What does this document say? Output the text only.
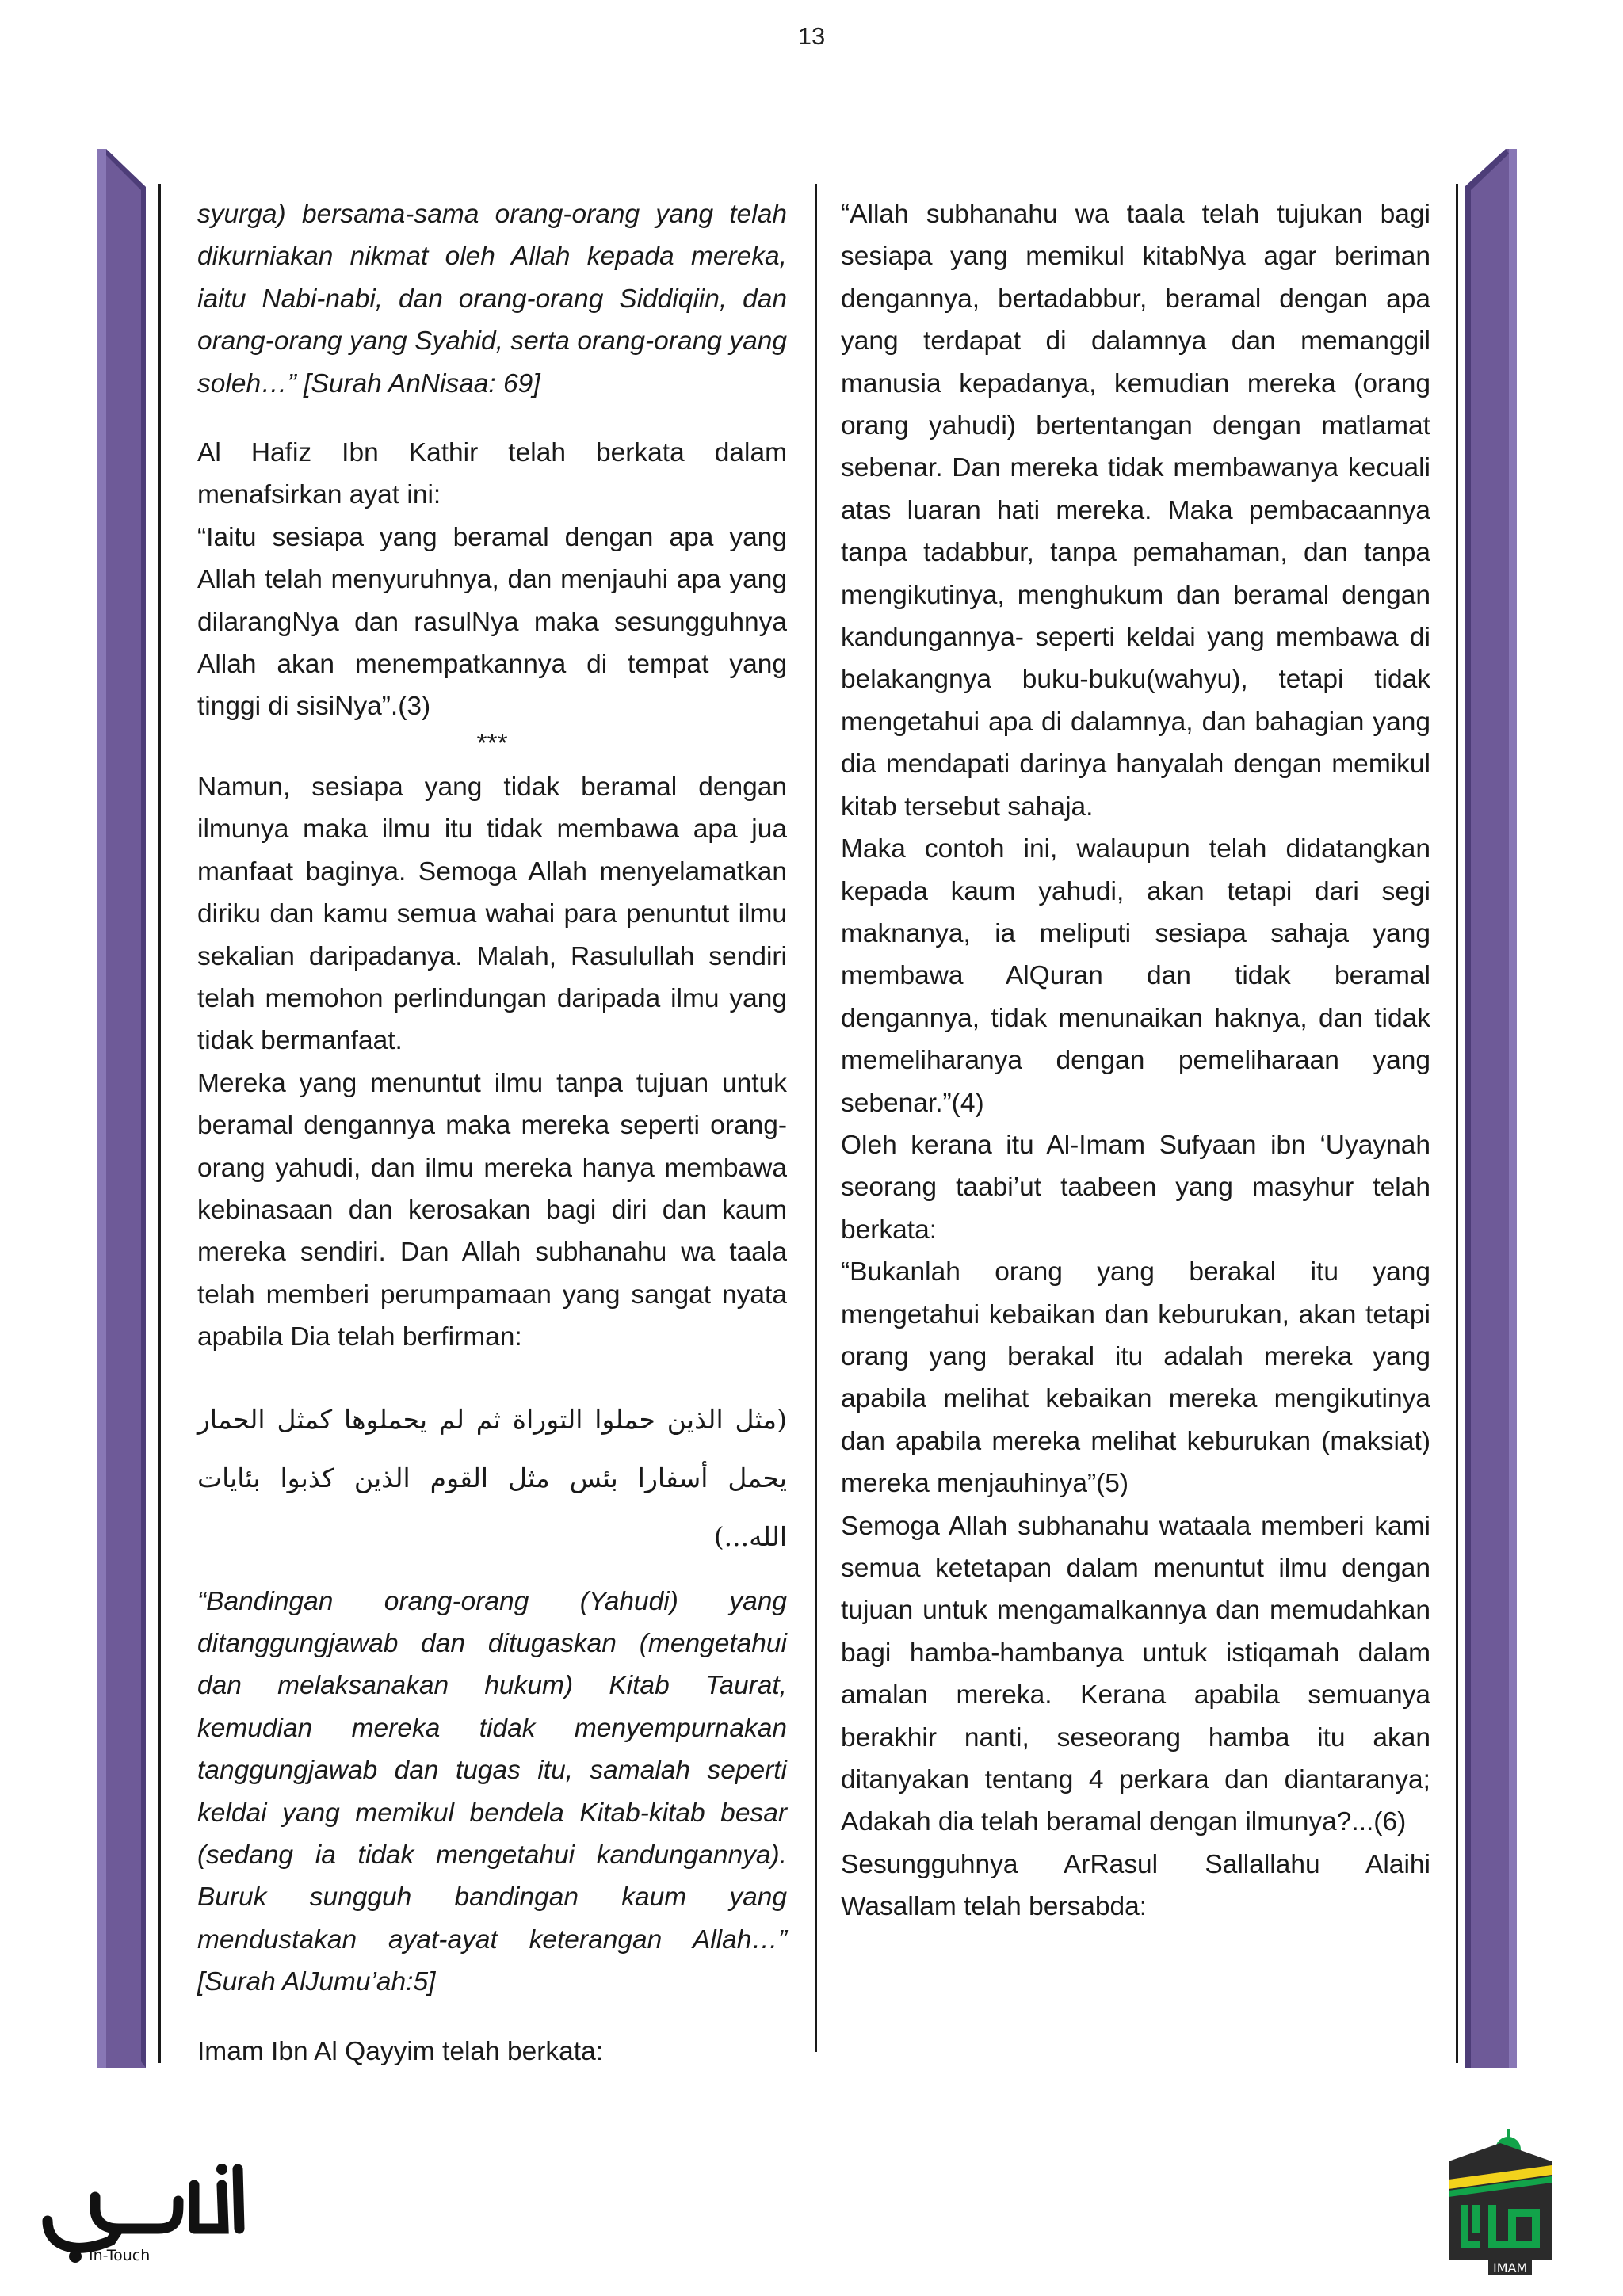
13

syurga) bersama-sama orang-orang yang telah dikurniakan nikmat oleh Allah kepada mereka, iaitu Nabi-nabi, dan orang-orang Siddiqiin, dan orang-orang yang Syahid, serta orang-orang yang soleh…” [Surah AnNisaa: 69]

Al Hafiz Ibn Kathir telah berkata dalam menafsirkan ayat ini:

“Iaitu sesiapa yang beramal dengan apa yang Allah telah menyuruhnya, dan menjauhi apa yang dilarangNya dan rasulNya maka sesungguhnya Allah akan menempatkannya di tempat yang tinggi di sisiNya”.(3)

***

Namun, sesiapa yang tidak beramal dengan ilmunya maka ilmu itu tidak membawa apa jua manfaat baginya. Semoga Allah menyelamatkan diriku dan kamu semua wahai para penuntut ilmu sekalian daripadanya. Malah, Rasulullah sendiri telah memohon perlindungan daripada ilmu yang tidak bermanfaat.

Mereka yang menuntut ilmu tanpa tujuan untuk beramal dengannya maka mereka seperti orang-orang yahudi, dan ilmu mereka hanya membawa kebinasaan dan kerosakan bagi diri dan kaum mereka sendiri. Dan Allah subhanahu wa taala telah memberi perumpamaan yang sangat nyata apabila Dia telah berfirman:

(مثل الذين حملوا التوراة ثم لم يحملوها كمثل الحمار يحمل أسفارا بئس مثل القوم الذين كذبوا بئايات الله...)

“Bandingan orang-orang (Yahudi) yang ditanggungjawab dan ditugaskan (mengetahui dan melaksanakan hukum) Kitab Taurat, kemudian mereka tidak menyempurnakan tanggungjawab dan tugas itu, samalah seperti keldai yang memikul bendela Kitab-kitab besar (sedang ia tidak mengetahui kandungannya). Buruk sungguh bandingan kaum yang mendustakan ayat-ayat keterangan Allah…” [Surah AlJumu’ah:5]

Imam Ibn Al Qayyim telah berkata:

“Allah subhanahu wa taala telah tujukan bagi sesiapa yang memikul kitabNya agar beriman dengannya, bertadabbur, beramal dengan apa yang terdapat di dalamnya dan memanggil manusia kepadanya, kemudian mereka (orang orang yahudi) bertentangan dengan matlamat sebenar. Dan mereka tidak membawanya kecuali atas luaran hati mereka. Maka pembacaannya tanpa tadabbur, tanpa pemahaman, dan tanpa mengikutinya, menghukum dan beramal dengan kandungannya- seperti keldai yang membawa di belakangnya buku-buku(wahyu), tetapi tidak mengetahui apa di dalamnya, dan bahagian yang dia mendapati darinya hanyalah dengan memikul kitab tersebut sahaja.

Maka contoh ini, walaupun telah didatangkan kepada kaum yahudi, akan tetapi dari segi maknanya, ia meliputi sesiapa sahaja yang membawa AlQuran dan tidak beramal dengannya, tidak menunaikan haknya, dan tidak memeliharanya dengan pemeliharaan yang sebenar.”(4)

Oleh kerana itu Al-Imam Sufyaan ibn ‘Uyaynah seorang taabi’ut taabeen yang masyhur telah berkata:

“Bukanlah orang yang berakal itu yang mengetahui kebaikan dan keburukan, akan tetapi orang yang berakal itu adalah mereka yang apabila melihat kebaikan mereka mengikutinya dan apabila mereka melihat keburukan (maksiat) mereka menjauhinya”(5)

Semoga Allah subhanahu wataala memberi kami semua ketetapan dalam menuntut ilmu dengan tujuan untuk mengamalkannya dan memudahkan bagi hamba-hambanya untuk istiqamah dalam amalan mereka. Kerana apabila semuanya berakhir nanti, seseorang hamba itu akan ditanyakan tentang 4 perkara dan diantaranya; Adakah dia telah beramal dengan ilmunya?...(6)

Sesungguhnya ArRasul Sallallahu Alaihi Wasallam telah bersabda:

In-Touch
IMAM
